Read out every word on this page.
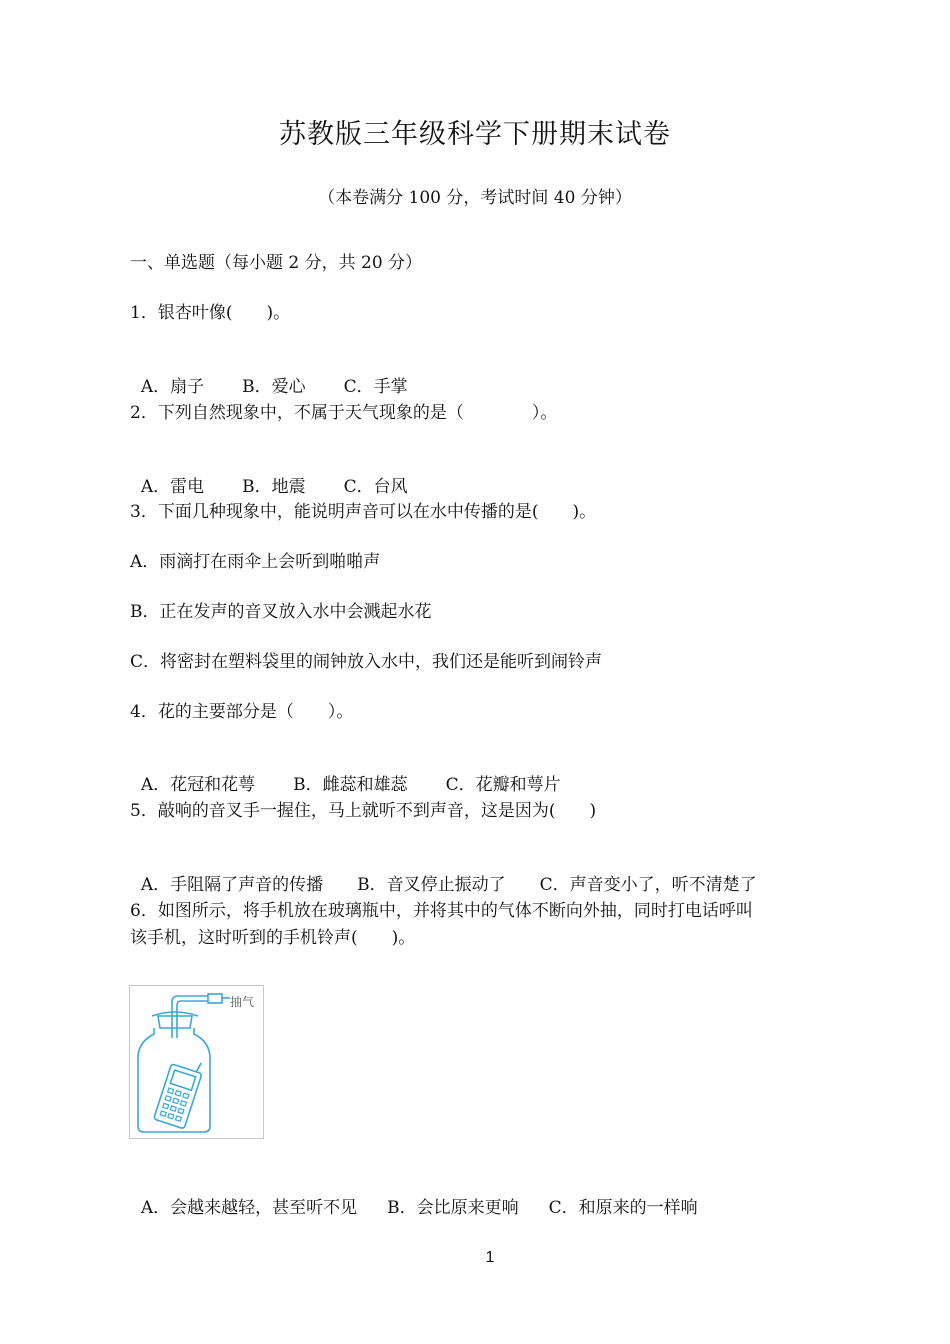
苏教版三年级科学下册期末试卷
（本卷满分 100 分，考试时间 40 分钟）
一、单选题（每小题 2 分，共 20 分）
1．银杏叶像(　　)。

A．扇子 B．爱心 C．手掌

2．下列自然现象中，不属于天气现象的是（　　　　）。

A．雷电 B．地震 C．台风

3．下面几种现象中，能说明声音可以在水中传播的是(　　)。
A．雨滴打在雨伞上会听到啪啪声
B．正在发声的音叉放入水中会溅起水花
C．将密封在塑料袋里的闹钟放入水中，我们还是能听到闹铃声
4．花的主要部分是（　　）。

A．花冠和花萼 B．雌蕊和雄蕊 C．花瓣和萼片

5．敲响的音叉手一握住，马上就听不到声音，这是因为(　　)

A．手阻隔了声音的传播 B．音叉停止振动了 C．声音变小了，听不清楚了

6．如图所示，将手机放在玻璃瓶中，并将其中的气体不断向外抽，同时打电话呼叫
该手机，这时听到的手机铃声(　　)。
抽气

A．会越来越轻，甚至听不见 B．会比原来更响 C．和原来的一样响

1
